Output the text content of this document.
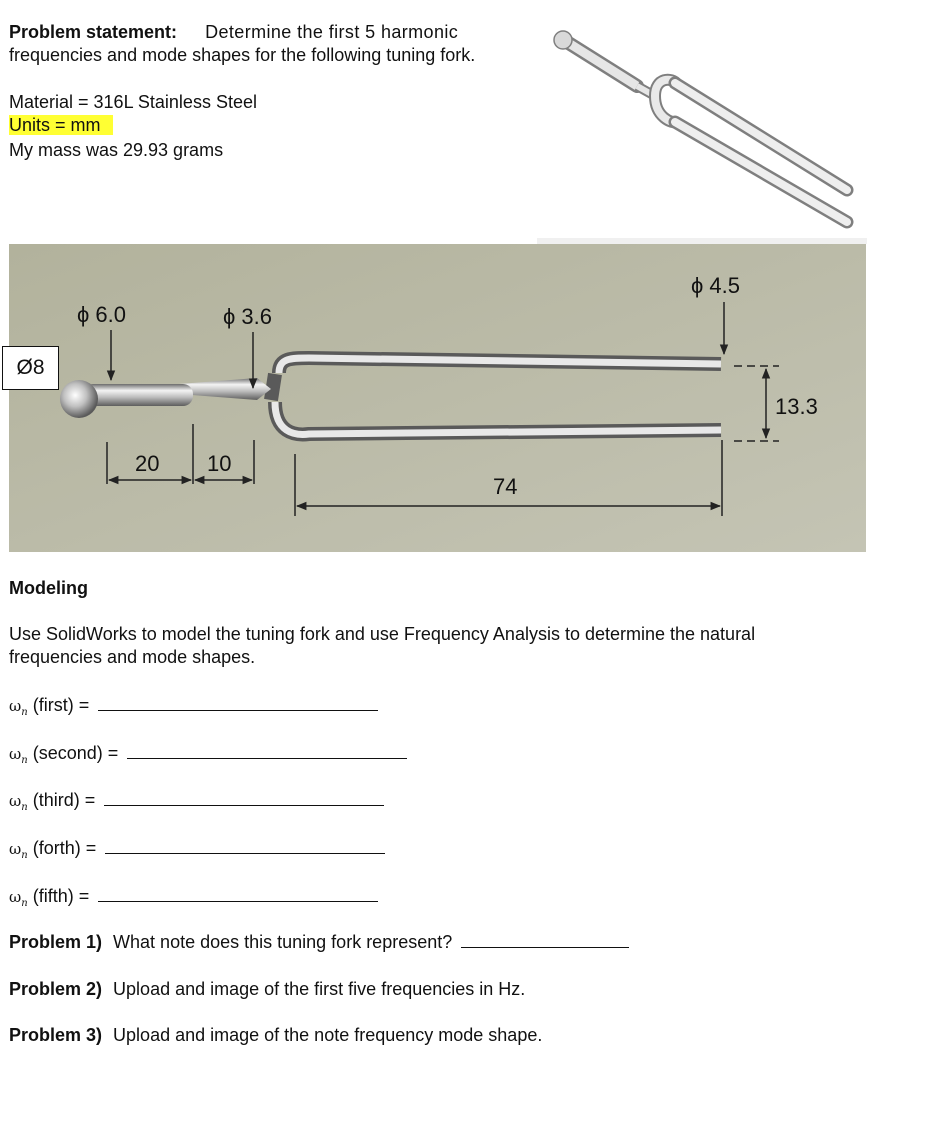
Problem statement: Determine the first 5 harmonic
frequencies and mode shapes for the following tuning fork.
Material = 316L Stainless Steel
Units = mm
My mass was 29.93 grams
ϕ 6.0	ϕ 3.6
ϕ 4.5
20 10
74
13.3
Ø8
Modeling
Use SolidWorks to model the tuning fork and use Frequency Analysis to determine the natural
frequencies and mode shapes.
$\omega_n$ (first) =
$\omega_n$ (second) =
$\omega_n$ (third) =
$\omega_n$ (forth) =
$\omega_n$ (fifth) =
Problem 1) What note does this tuning fork represent?
Problem 2) Upload and image of the first five frequencies in Hz.
Problem 3) Upload and image of the note frequency mode shape.
